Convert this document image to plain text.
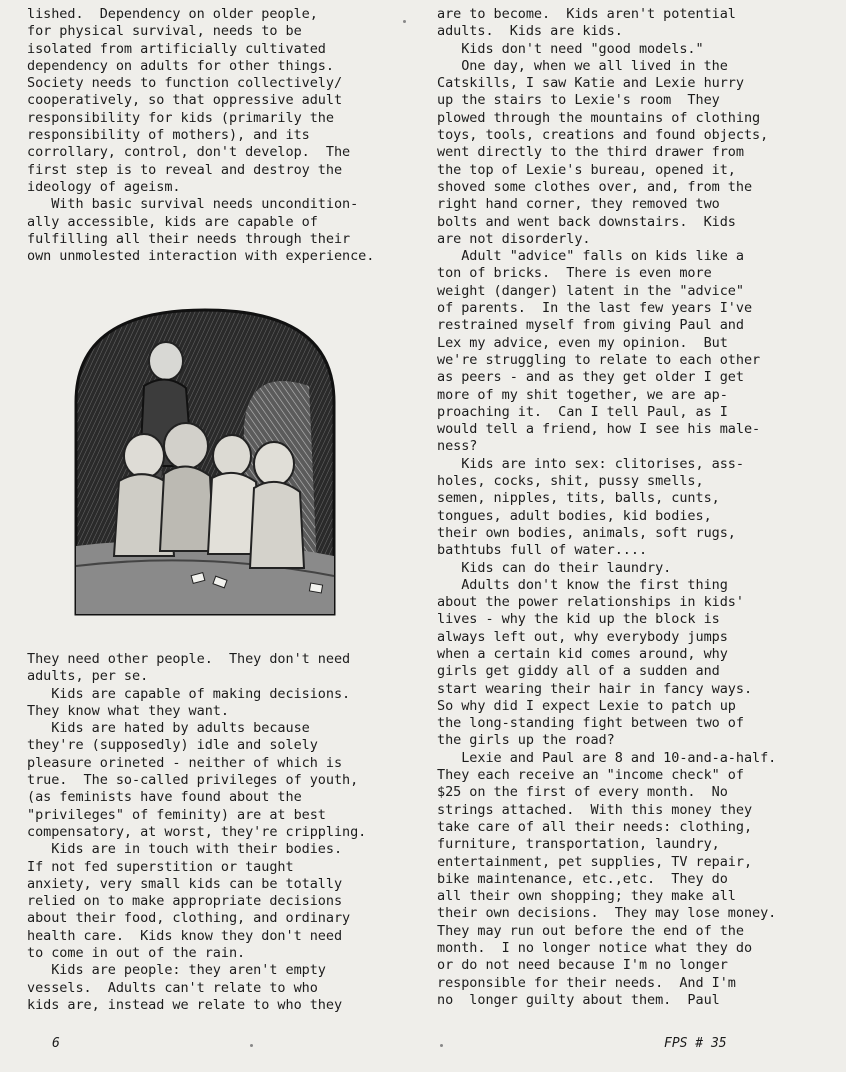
lished.  Dependency on older people,
for physical survival, needs to be
isolated from artificially cultivated
dependency on adults for other things.
Society needs to function collectively/
cooperatively, so that oppressive adult
responsibility for kids (primarily the
responsibility of mothers), and its
corrollary, control, don't develop.  The
first step is to reveal and destroy the
ideology of ageism.

With basic survival needs uncondition-
ally accessible, kids are capable of
fulfilling all their needs through their
own unmolested interaction with experience.

They need other people.  They don't need
adults, per se.

Kids are capable of making decisions.
They know what they want.

Kids are hated by adults because
they're (supposedly) idle and solely
pleasure orineted - neither of which is
true.  The so-called privileges of youth,
(as feminists have found about the
"privileges" of feminity) are at best
compensatory, at worst, they're crippling.

Kids are in touch with their bodies.
If not fed superstition or taught
anxiety, very small kids can be totally
relied on to make appropriate decisions
about their food, clothing, and ordinary
health care.  Kids know they don't need
to come in out of the rain.

Kids are people: they aren't empty
vessels.  Adults can't relate to who
kids are, instead we relate to who they

are to become.  Kids aren't potential
adults.  Kids are kids.

Kids don't need "good models."

One day, when we all lived in the
Catskills, I saw Katie and Lexie hurry
up the stairs to Lexie's room  They
plowed through the mountains of clothing
toys, tools, creations and found objects,
went directly to the third drawer from
the top of Lexie's bureau, opened it,
shoved some clothes over, and, from the
right hand corner, they removed two
bolts and went back downstairs.  Kids
are not disorderly.

Adult "advice" falls on kids like a
ton of bricks.  There is even more
weight (danger) latent in the "advice"
of parents.  In the last few years I've
restrained myself from giving Paul and
Lex my advice, even my opinion.  But
we're struggling to relate to each other
as peers - and as they get older I get
more of my shit together, we are ap-
proaching it.  Can I tell Paul, as I
would tell a friend, how I see his male-
ness?

Kids are into sex: clitorises, ass-
holes, cocks, shit, pussy smells,
semen, nipples, tits, balls, cunts,
tongues, adult bodies, kid bodies,
their own bodies, animals, soft rugs,
bathtubs full of water....

Kids can do their laundry.

Adults don't know the first thing
about the power relationships in kids'
lives - why the kid up the block is
always left out, why everybody jumps
when a certain kid comes around, why
girls get giddy all of a sudden and
start wearing their hair in fancy ways.
So why did I expect Lexie to patch up
the long-standing fight between two of
the girls up the road?

Lexie and Paul are 8 and 10-and-a-half.
They each receive an "income check" of
$25 on the first of every month.  No
strings attached.  With this money they
take care of all their needs: clothing,
furniture, transportation, laundry,
entertainment, pet supplies, TV repair,
bike maintenance, etc.,etc.  They do
all their own shopping; they make all
their own decisions.  They may lose money.
They may run out before the end of the
month.  I no longer notice what they do
or do not need because I'm no longer
responsible for their needs.  And I'm
no  longer guilty about them.  Paul

6	FPS # 35
